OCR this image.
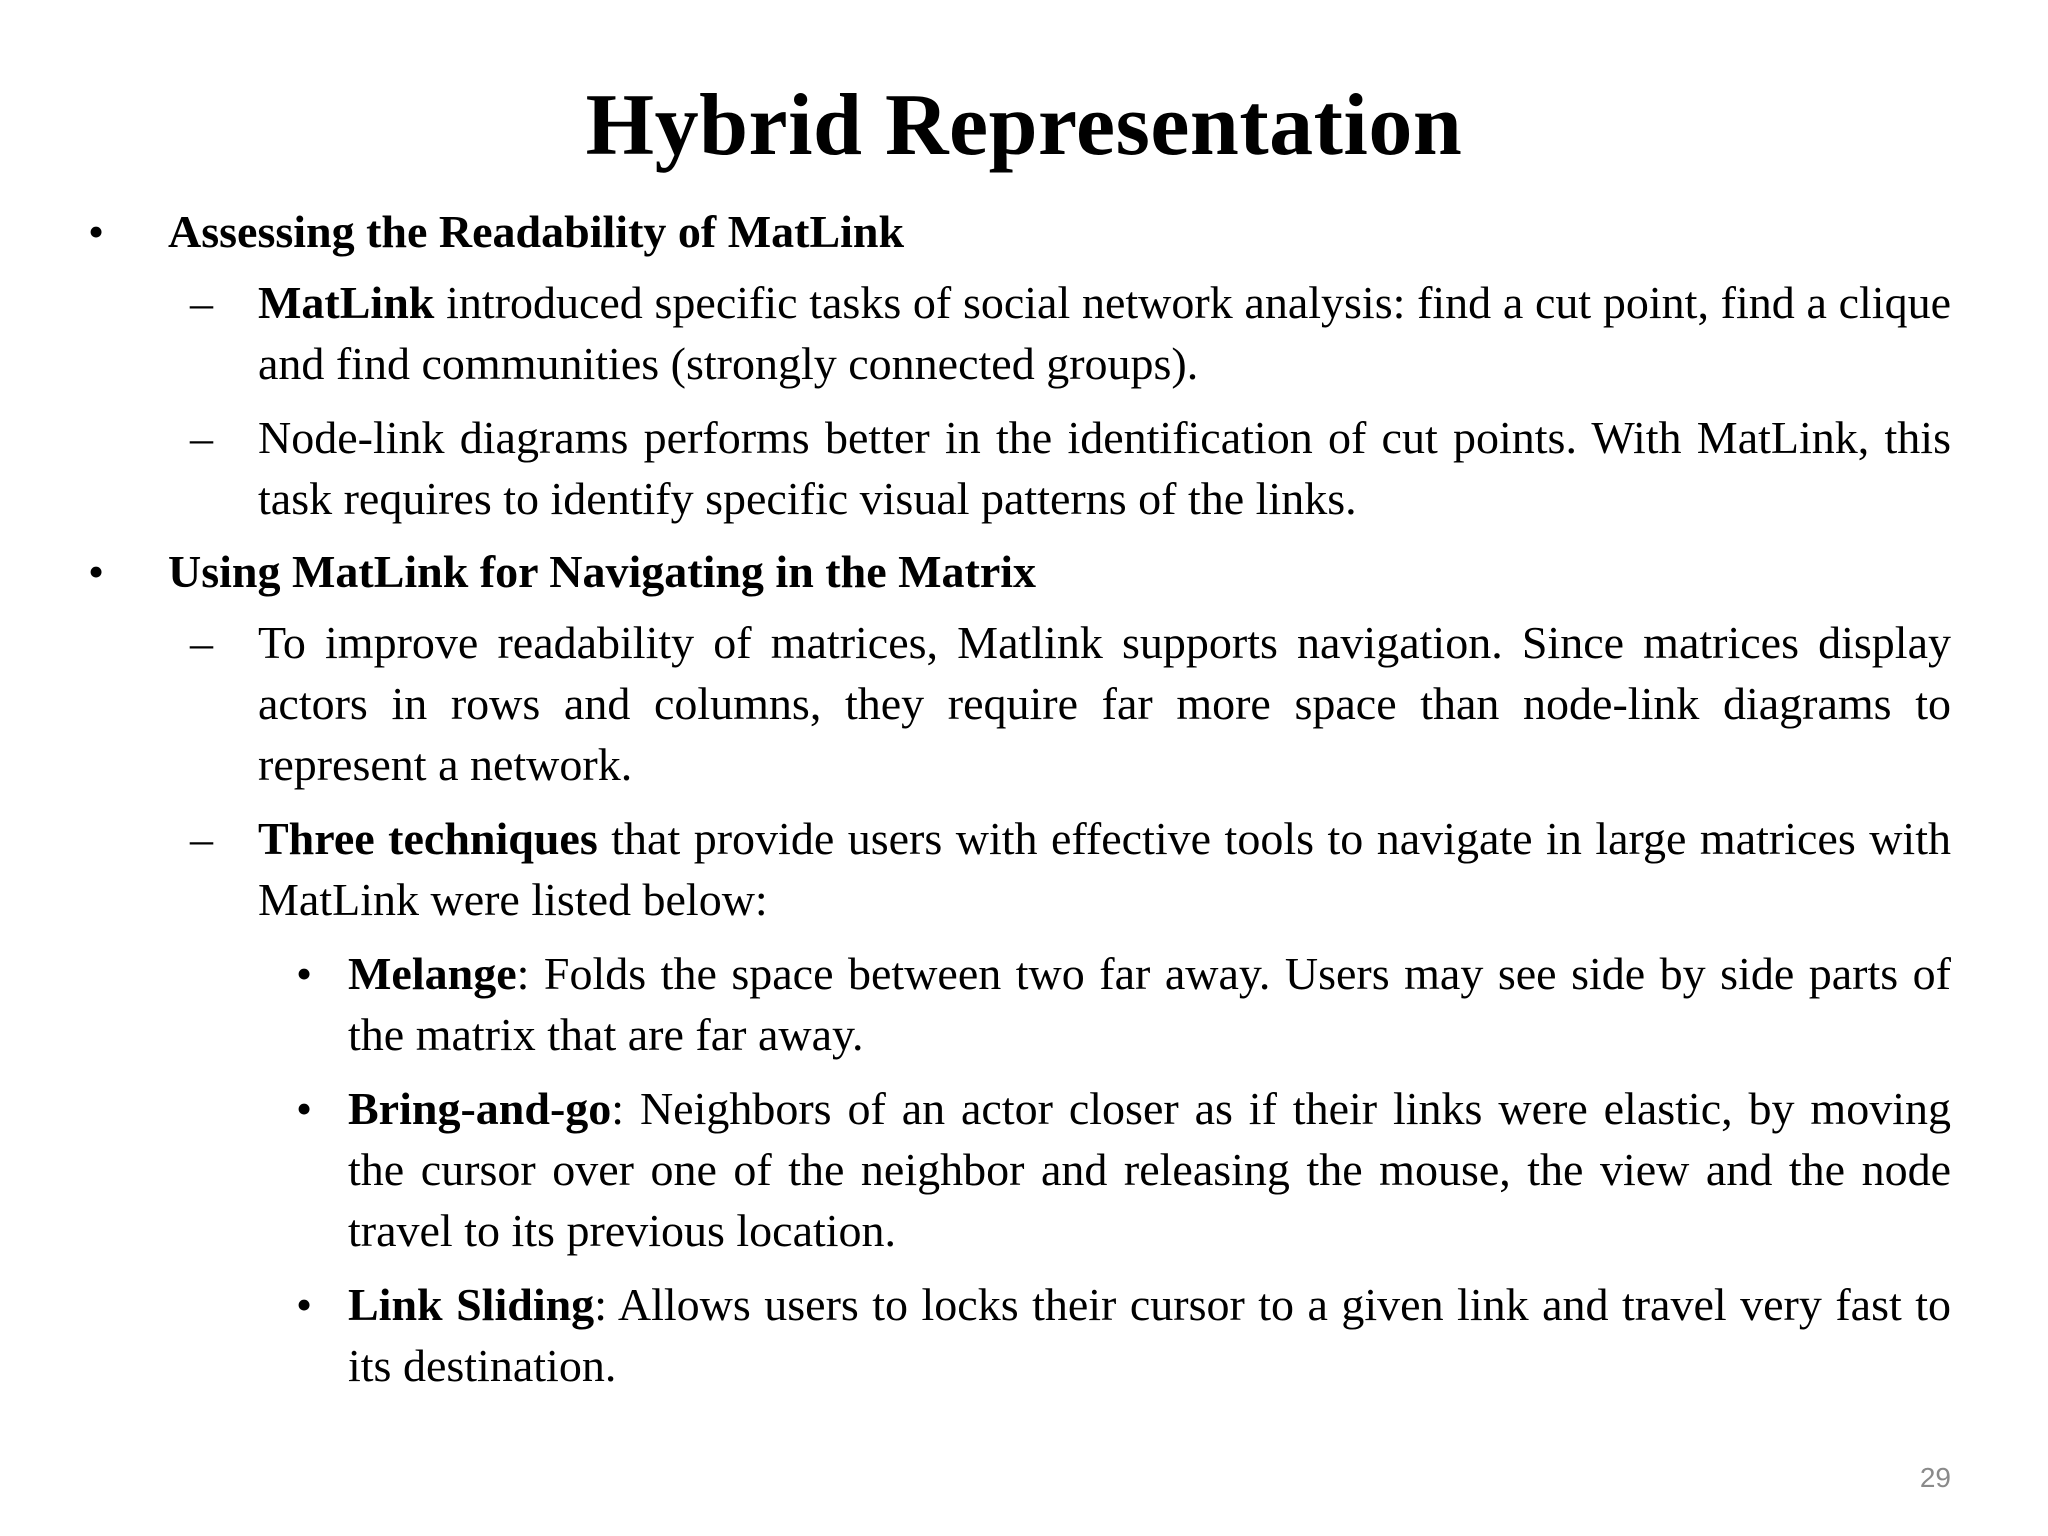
Hybrid Representation
• Assessing the Readability of MatLink
– MatLink introduced specific tasks of social network analysis: find a cut point, find a clique and find communities (strongly connected groups).
– Node-link diagrams performs better in the identification of cut points. With MatLink, this task requires to identify specific visual patterns of the links.
• Using MatLink for Navigating in the Matrix
– To improve readability of matrices, Matlink supports navigation. Since matrices display actors in rows and columns, they require far more space than node-link diagrams to represent a network.
– Three techniques that provide users with effective tools to navigate in large matrices with MatLink were listed below:
• Melange: Folds the space between two far away. Users may see side by side parts of the matrix that are far away.
• Bring-and-go: Neighbors of an actor closer as if their links were elastic, by moving the cursor over one of the neighbor and releasing the mouse, the view and the node travel to its previous location.
• Link Sliding: Allows users to locks their cursor to a given link and travel very fast to its destination.
29
